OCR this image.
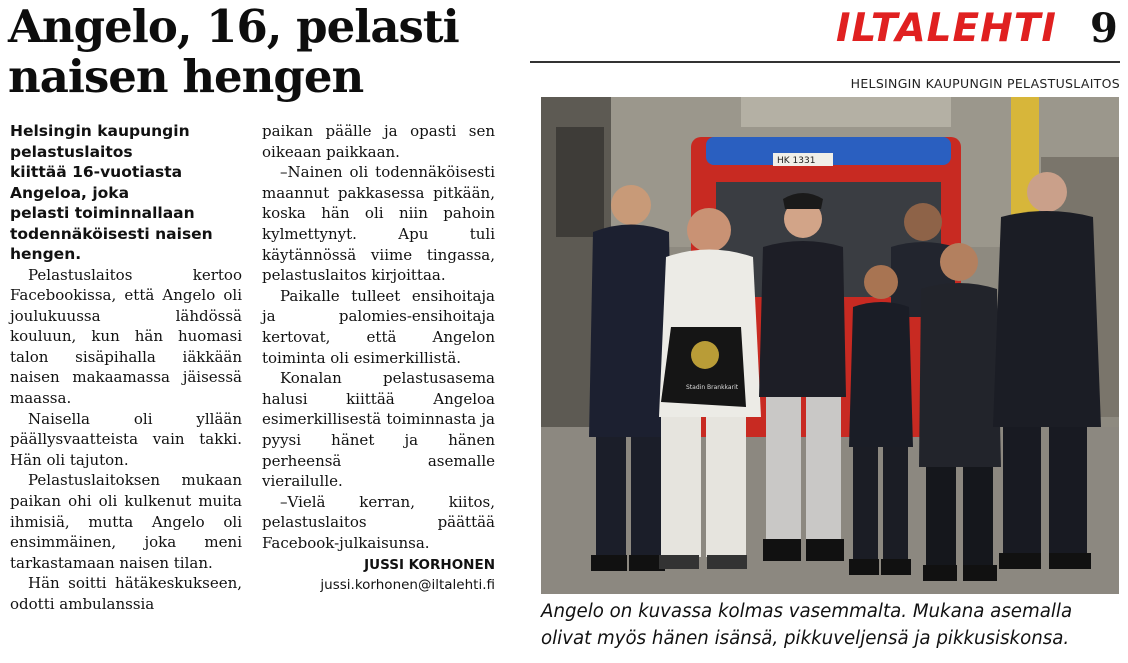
Angelo, 16, pelasti
naisen hengen

Helsingin kaupungin
pelastuslaitos
kiittää 16-vuotiasta
Angeloa, joka
pelasti toiminnallaan
todennäköisesti naisen
hengen.

Pelastuslaitos kertoo Facebookissa, että Angelo oli joulukuussa lähdössä kouluun, kun hän huomasi talon sisäpihalla iäkkään naisen makaamassa jäisessä maassa.

Naisella oli yllään päällysvaatteista vain takki. Hän oli tajuton.

Pelastuslaitoksen mukaan paikan ohi oli kulkenut muita ihmisiä, mutta Angelo oli ensimmäinen, joka meni tarkastamaan naisen tilan.

Hän soitti hätäkeskukseen, odotti ambulanssia

paikan päälle ja opasti sen oikeaan paikkaan.

–Nainen oli todennäköisesti maannut pakkasessa pitkään, koska hän oli niin pahoin kylmettynyt. Apu tuli käytännössä viime tingassa, pelastuslaitos kirjoittaa.

Paikalle tulleet ensihoitaja ja palomies-ensihoitaja kertovat, että Angelon toiminta oli esimerkillistä.

Konalan pelastusasema halusi kiittää Angeloa esimerkillisestä toiminnasta ja pyysi hänet ja hänen perheensä asemalle vierailulle.

–Vielä kerran, kiitos, pelastuslaitos päättää Facebook-julkaisunsa.

JUSSI KORHONEN
jussi.korhonen@iltalehti.fi
ILTALEHTI 9
HELSINGIN KAUPUNGIN PELASTUSLAITOS
HK 1331
Stadin Brankkarit

Angelo on kuvassa kolmas vasemmalta. Mukana asemalla
olivat myös hänen isänsä, pikkuveljensä ja pikkusiskonsa.
